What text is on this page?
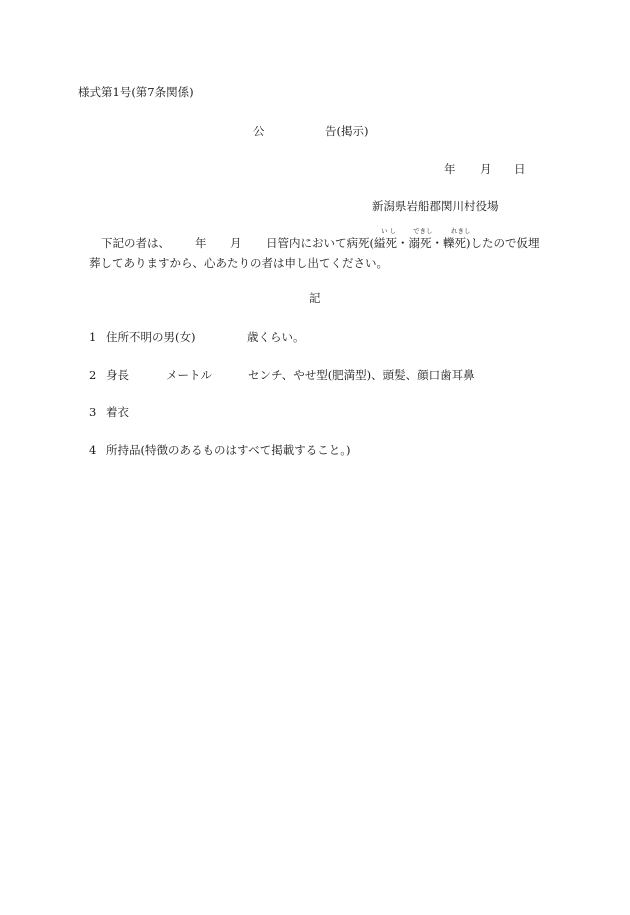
様式第1号(第7条関係)
公	告(掲示)
年 月 日
新潟県岩船郡関川村役場
い し	できし	れきし
下記の者は、 年 月 日管内において病死(縊死・溺死・轢死)したので仮埋
葬してありますから、心あたりの者は申し出てください。
記
1 住所不明の男(女)	歳くらい。
2 身長	メートル	センチ、やせ型(肥満型)、頭髪、顔口歯耳鼻
3 着衣
4 所持品(特徴のあるものはすべて掲載すること。)
